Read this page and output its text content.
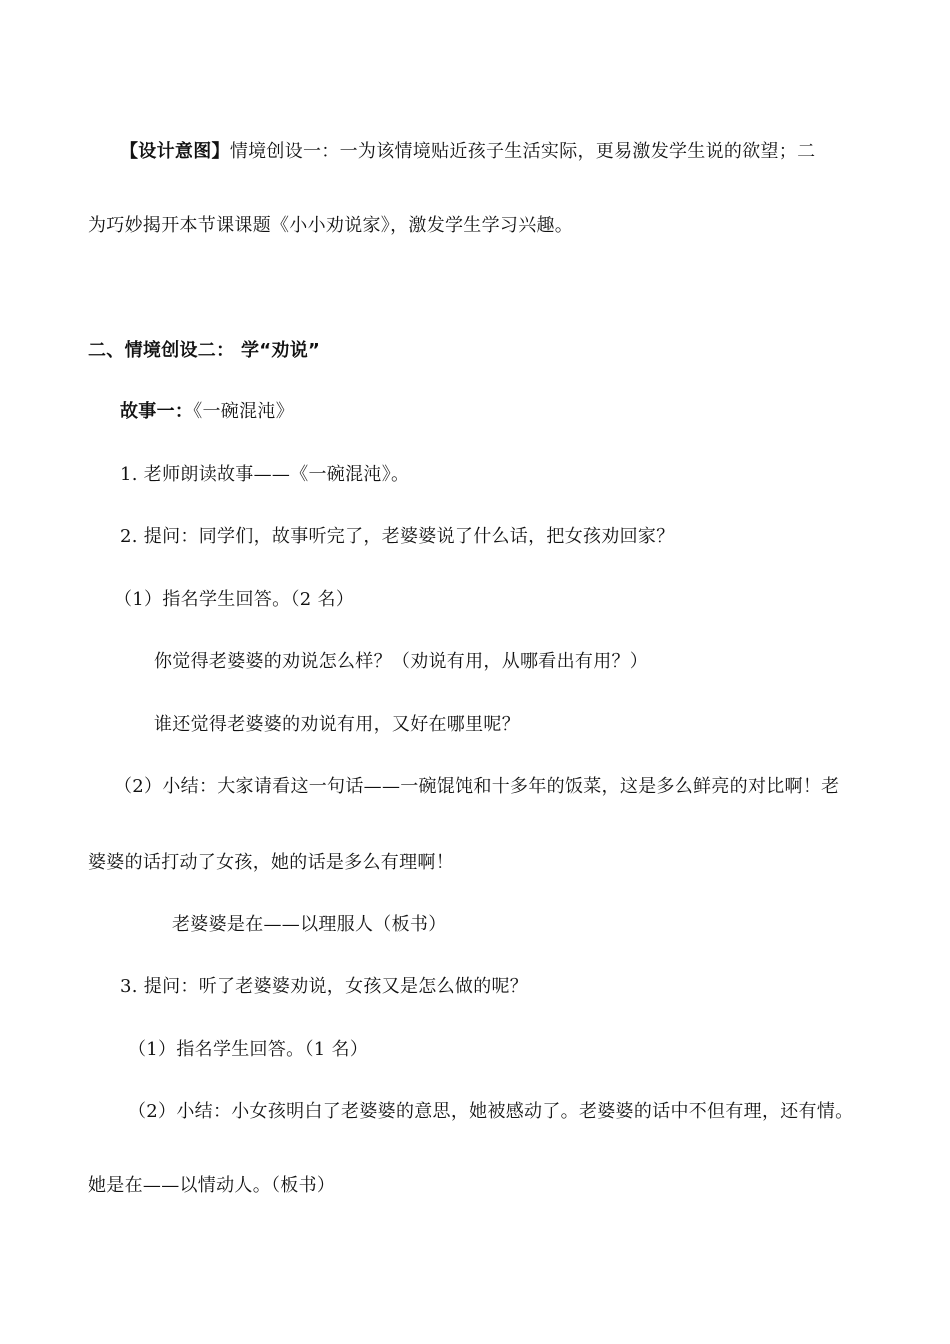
【设计意图】情境创设一：一为该情境贴近孩子生活实际，更易激发学生说的欲望；二
为巧妙揭开本节课课题《小小劝说家》，激发学生学习兴趣。
二、情境创设二： 学“劝说”
故事一：《一碗混沌》
1. 老师朗读故事——《一碗混沌》。
2. 提问：同学们，故事听完了，老婆婆说了什么话，把女孩劝回家？
（1）指名学生回答。（2 名）
你觉得老婆婆的劝说怎么样？（劝说有用，从哪看出有用？）
谁还觉得老婆婆的劝说有用，又好在哪里呢？
（2）小结：大家请看这一句话——一碗馄饨和十多年的饭菜，这是多么鲜亮的对比啊！老
婆婆的话打动了女孩，她的话是多么有理啊！
老婆婆是在——以理服人（板书）
3. 提问：听了老婆婆劝说，女孩又是怎么做的呢？
（1）指名学生回答。（1 名）
（2）小结：小女孩明白了老婆婆的意思，她被感动了。老婆婆的话中不但有理，还有情。
她是在——以情动人。（板书）
